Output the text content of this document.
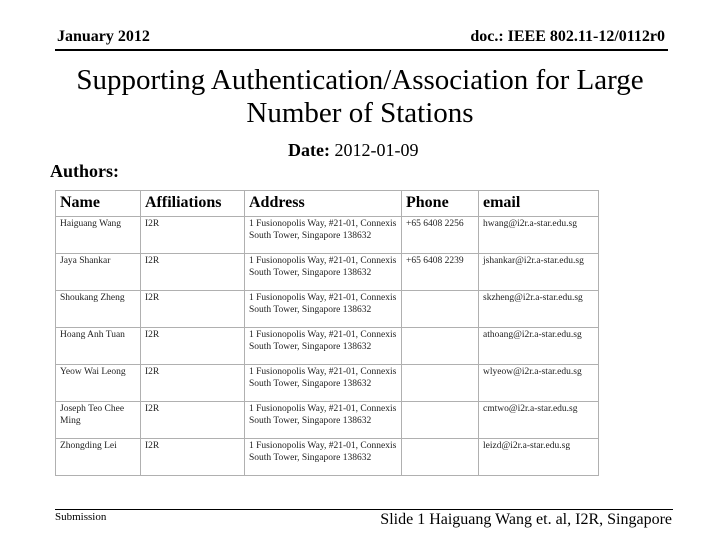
January 2012	doc.: IEEE 802.11-12/0112r0
Supporting Authentication/Association for Large Number of Stations
Date: 2012-01-09
Authors:
Name	Affiliations	Address	Phone	email
Haiguang Wang	I2R	1 Fusionopolis Way, #21-01, Connexis South Tower, Singapore 138632	+65 6408 2256	hwang@i2r.a-star.edu.sg
Jaya Shankar	I2R	1 Fusionopolis Way, #21-01, Connexis South Tower, Singapore 138632	+65 6408 2239	jshankar@i2r.a-star.edu.sg
Shoukang Zheng	I2R	1 Fusionopolis Way, #21-01, Connexis South Tower, Singapore 138632		skzheng@i2r.a-star.edu.sg
Hoang Anh Tuan	I2R	1 Fusionopolis Way, #21-01, Connexis South Tower, Singapore 138632		athoang@i2r.a-star.edu.sg
Yeow Wai Leong	I2R	1 Fusionopolis Way, #21-01, Connexis South Tower, Singapore 138632		wlyeow@i2r.a-star.edu.sg
Joseph Teo Chee Ming	I2R	1 Fusionopolis Way, #21-01, Connexis South Tower, Singapore 138632		cmtwo@i2r.a-star.edu.sg
Zhongding Lei	I2R	1 Fusionopolis Way, #21-01, Connexis South Tower, Singapore 138632		leizd@i2r.a-star.edu.sg
Submission	Slide 1 Haiguang Wang et. al, I2R, Singapore
